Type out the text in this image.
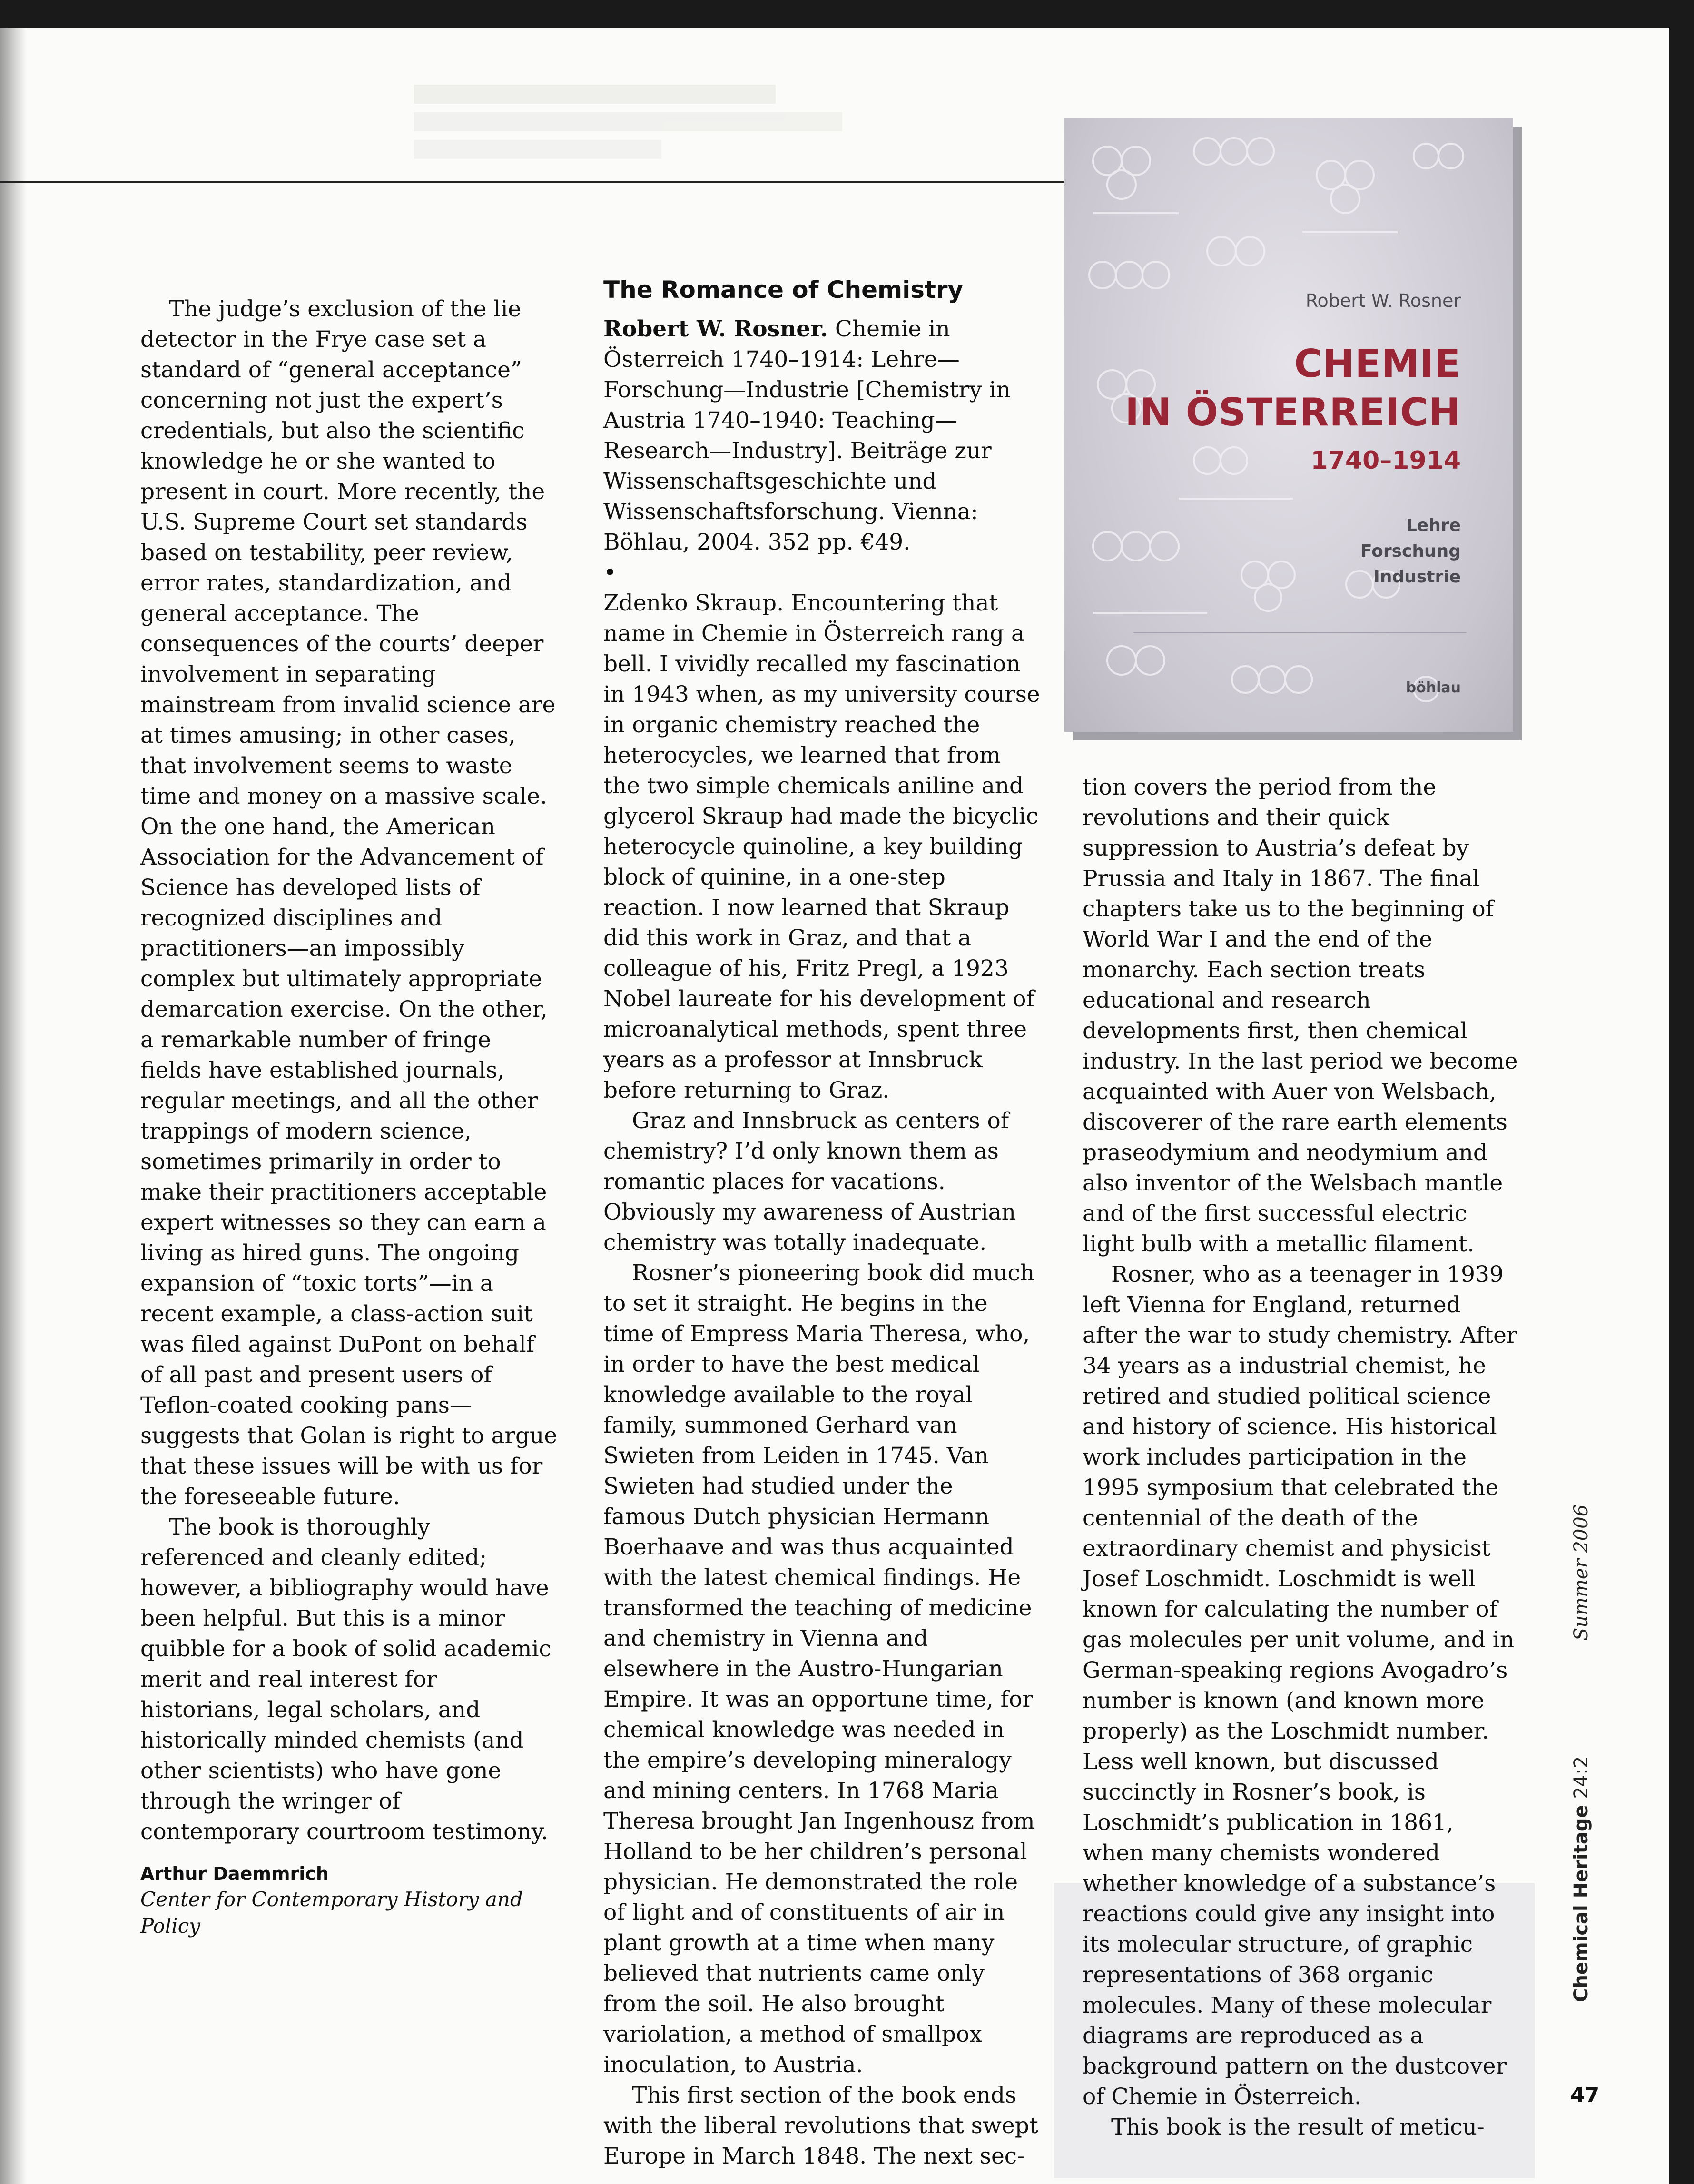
The judge’s exclusion of the lie detector in the Frye case set a standard of “general acceptance” concerning not just the expert’s credentials, but also the scientific knowledge he or she wanted to present in court. More recently, the U.S. Supreme Court set standards based on testability, peer review, error rates, standardization, and general acceptance. The consequences of the courts’ deeper involvement in separating mainstream from invalid science are at times amusing; in other cases, that involvement seems to waste time and money on a massive scale. On the one hand, the American Association for the Advancement of Science has developed lists of recognized disciplines and practitioners—an impossibly complex but ultimately appropriate demarcation exercise. On the other, a remarkable number of fringe fields have established journals, regular meetings, and all the other trappings of modern science, sometimes primarily in order to make their practitioners acceptable expert witnesses so they can earn a living as hired guns. The ongoing expansion of “toxic torts”—in a recent example, a class-action suit was filed against DuPont on behalf of all past and present users of Teflon-coated cooking pans—suggests that Golan is right to argue that these issues will be with us for the foreseeable future.

The book is thoroughly referenced and cleanly edited; however, a bibliography would have been helpful. But this is a minor quibble for a book of solid academic merit and real interest for historians, legal scholars, and historically minded chemists (and other scientists) who have gone through the wringer of contemporary courtroom testimony.

Arthur Daemmrich
Center for Contemporary History and Policy
The Romance of Chemistry

Robert W. Rosner. Chemie in Österreich 1740–1914: Lehre—Forschung—Industrie [Chemistry in Austria 1740–1940: Teaching—Research—Industry]. Beiträge zur Wissenschaftsgeschichte und Wissenschaftsforschung. Vienna: Böhlau, 2004. 352 pp. €49.

•

Zdenko Skraup. Encountering that name in Chemie in Österreich rang a bell. I vividly recalled my fascination in 1943 when, as my university course in organic chemistry reached the heterocycles, we learned that from the two simple chemicals aniline and glycerol Skraup had made the bicyclic heterocycle quinoline, a key building block of quinine, in a one-step reaction. I now learned that Skraup did this work in Graz, and that a colleague of his, Fritz Pregl, a 1923 Nobel laureate for his development of microanalytical methods, spent three years as a professor at Innsbruck before returning to Graz.

Graz and Innsbruck as centers of chemistry? I’d only known them as romantic places for vacations. Obviously my awareness of Austrian chemistry was totally inadequate.

Rosner’s pioneering book did much to set it straight. He begins in the time of Empress Maria Theresa, who, in order to have the best medical knowledge available to the royal family, summoned Gerhard van Swieten from Leiden in 1745. Van Swieten had studied under the famous Dutch physician Hermann Boerhaave and was thus acquainted with the latest chemical findings. He transformed the teaching of medicine and chemistry in Vienna and elsewhere in the Austro-Hungarian Empire. It was an opportune time, for chemical knowledge was needed in the empire’s developing mineralogy and mining centers. In 1768 Maria Theresa brought Jan Ingenhousz from Holland to be her children’s personal physician. He demonstrated the role of light and of constituents of air in plant growth at a time when many believed that nutrients came only from the soil. He also brought variolation, a method of smallpox inoculation, to Austria.

This first section of the book ends with the liberal revolutions that swept Europe in March 1848. The next sec-

Robert W. Rosner
CHEMIE
IN ÖSTERREICH
1740–1914
Lehre
Forschung
Industrie
böhlau

tion covers the period from the revolutions and their quick suppression to Austria’s defeat by Prussia and Italy in 1867. The final chapters take us to the beginning of World War I and the end of the monarchy. Each section treats educational and research developments first, then chemical industry. In the last period we become acquainted with Auer von Welsbach, discoverer of the rare earth elements praseodymium and neodymium and also inventor of the Welsbach mantle and of the first successful electric light bulb with a metallic filament.

Rosner, who as a teenager in 1939 left Vienna for England, returned after the war to study chemistry. After 34 years as a industrial chemist, he retired and studied political science and history of science. His historical work includes participation in the 1995 symposium that celebrated the centennial of the death of the extraordinary chemist and physicist Josef Loschmidt. Loschmidt is well known for calculating the number of gas molecules per unit volume, and in German-speaking regions Avogadro’s number is known (and known more properly) as the Loschmidt number. Less well known, but discussed succinctly in Rosner’s book, is Loschmidt’s publication in 1861, when many chemists wondered whether knowledge of a substance’s reactions could give any insight into its molecular structure, of graphic representations of 368 organic molecules. Many of these molecular diagrams are reproduced as a background pattern on the dustcover of Chemie in Österreich.

This book is the result of meticu-

Chemical Heritage 24:2 Summer 2006
47
